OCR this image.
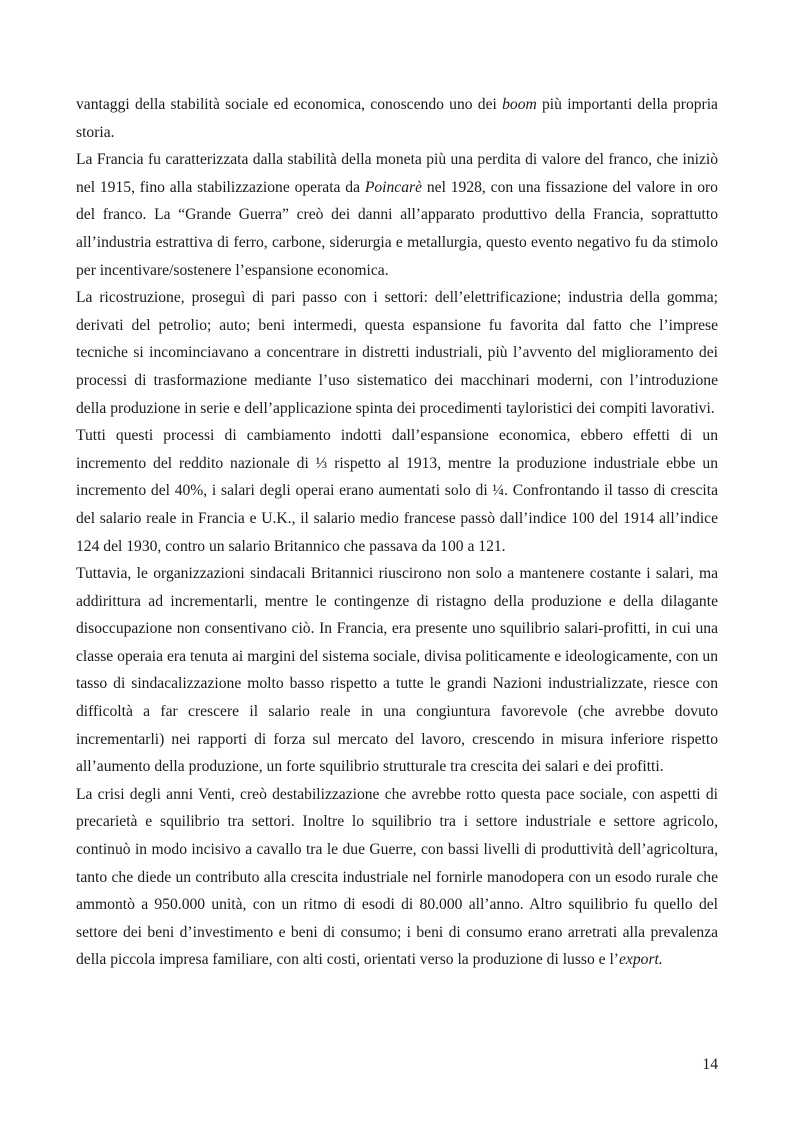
vantaggi della stabilità sociale ed economica, conoscendo uno dei boom più importanti della propria storia.

La Francia fu caratterizzata dalla stabilità della moneta più una perdita di valore del franco, che iniziò nel 1915, fino alla stabilizzazione operata da Poincarè nel 1928, con una fissazione del valore in oro del franco. La “Grande Guerra” creò dei danni all’apparato produttivo della Francia, soprattutto all’industria estrattiva di ferro, carbone, siderurgia e metallurgia, questo evento negativo fu da stimolo per incentivare/sostenere l’espansione economica.

La ricostruzione, proseguì di pari passo con i settori: dell’elettrificazione; industria della gomma; derivati del petrolio; auto; beni intermedi, questa espansione fu favorita dal fatto che l’imprese tecniche si incominciavano a concentrare in distretti industriali, più l’avvento del miglioramento dei processi di trasformazione mediante l’uso sistematico dei macchinari moderni, con l’introduzione della produzione in serie e dell’applicazione spinta dei procedimenti tayloristici dei compiti lavorativi.

Tutti questi processi di cambiamento indotti dall’espansione economica, ebbero effetti di un incremento del reddito nazionale di ⅓ rispetto al 1913, mentre la produzione industriale ebbe un incremento del 40%, i salari degli operai erano aumentati solo di ¼. Confrontando il tasso di crescita del salario reale in Francia e U.K., il salario medio francese passò dall’indice 100 del 1914 all’indice 124 del 1930, contro un salario Britannico che passava da 100 a 121.

Tuttavia, le organizzazioni sindacali Britannici riuscirono non solo a mantenere costante i salari, ma addirittura ad incrementarli, mentre le contingenze di ristagno della produzione e della dilagante disoccupazione non consentivano ciò. In Francia, era presente uno squilibrio salari-profitti, in cui una classe operaia era tenuta ai margini del sistema sociale, divisa politicamente e ideologicamente, con un tasso di sindacalizzazione molto basso rispetto a tutte le grandi Nazioni industrializzate, riesce con difficoltà a far crescere il salario reale in una congiuntura favorevole (che avrebbe dovuto incrementarli) nei rapporti di forza sul mercato del lavoro, crescendo in misura inferiore rispetto all’aumento della produzione, un forte squilibrio strutturale tra crescita dei salari e dei profitti.

La crisi degli anni Venti, creò destabilizzazione che avrebbe rotto questa pace sociale, con aspetti di precarietà e squilibrio tra settori. Inoltre lo squilibrio tra i settore industriale e settore agricolo, continuò in modo incisivo a cavallo tra le due Guerre, con bassi livelli di produttività dell’agricoltura, tanto che diede un contributo alla crescita industriale nel fornirle manodopera con un esodo rurale che ammontò a 950.000 unità, con un ritmo di esodi di 80.000 all’anno. Altro squilibrio fu quello del settore dei beni d’investimento e beni di consumo; i beni di consumo erano arretrati alla prevalenza della piccola impresa familiare, con alti costi, orientati verso la produzione di lusso e l’export.

14
